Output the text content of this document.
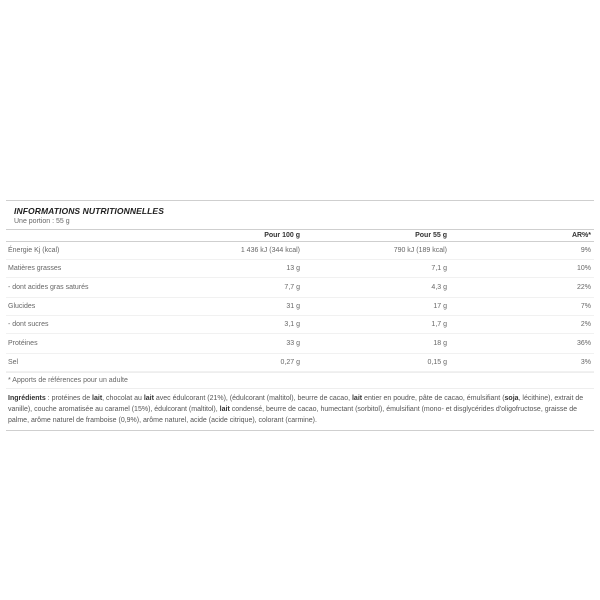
INFORMATIONS NUTRITIONNELLES
Une portion : 55 g
	Pour 100 g	Pour 55 g	AR%*
Énergie Kj (kcal)	1 436 kJ (344 kcal)	790 kJ (189 kcal)	9%
Matières grasses	13 g	7,1 g	10%
- dont acides gras saturés	7,7 g	4,3 g	22%
Glucides	31 g	17 g	7%
- dont sucres	3,1 g	1,7 g	2%
Protéines	33 g	18 g	36%
Sel	0,27 g	0,15 g	3%
* Apports de références pour un adulte
Ingrédients : protéines de lait, chocolat au lait avec édulcorant (21%), (édulcorant (maltitol), beurre de cacao, lait entier en poudre, pâte de cacao, émulsifiant (soja, lécithine), extrait de vanille), couche aromatisée au caramel (15%), édulcorant (maltitol), lait condensé, beurre de cacao, humectant (sorbitol), émulsifiant (mono- et disglycérides d'oligofructose, graisse de palme, arôme naturel de framboise (0,9%), arôme naturel, acide (acide citrique), colorant (carmine).
